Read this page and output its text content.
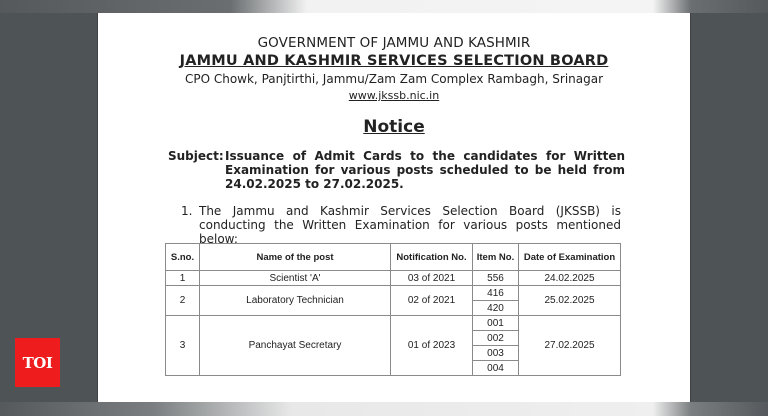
GOVERNMENT OF JAMMU AND KASHMIR
JAMMU AND KASHMIR SERVICES SELECTION BOARD
CPO Chowk, Panjtirthi, Jammu/Zam Zam Complex Rambagh, Srinagar
www.jkssb.nic.in
Notice
Subject: Issuance of Admit Cards to the candidates for Written Examination for various posts scheduled to be held from 24.02.2025 to 27.02.2025.
1. The Jammu and Kashmir Services Selection Board (JKSSB) is conducting the Written Examination for various posts mentioned below:
S.no.	Name of the post	Notification No.	Item No.	Date of Examination
1	Scientist 'A'	03 of 2021	556	24.02.2025
2	Laboratory Technician	02 of 2021	416	25.02.2025
			420	
3	Panchayat Secretary	01 of 2023	001	27.02.2025
			002	
			003	
			004	
TOI
